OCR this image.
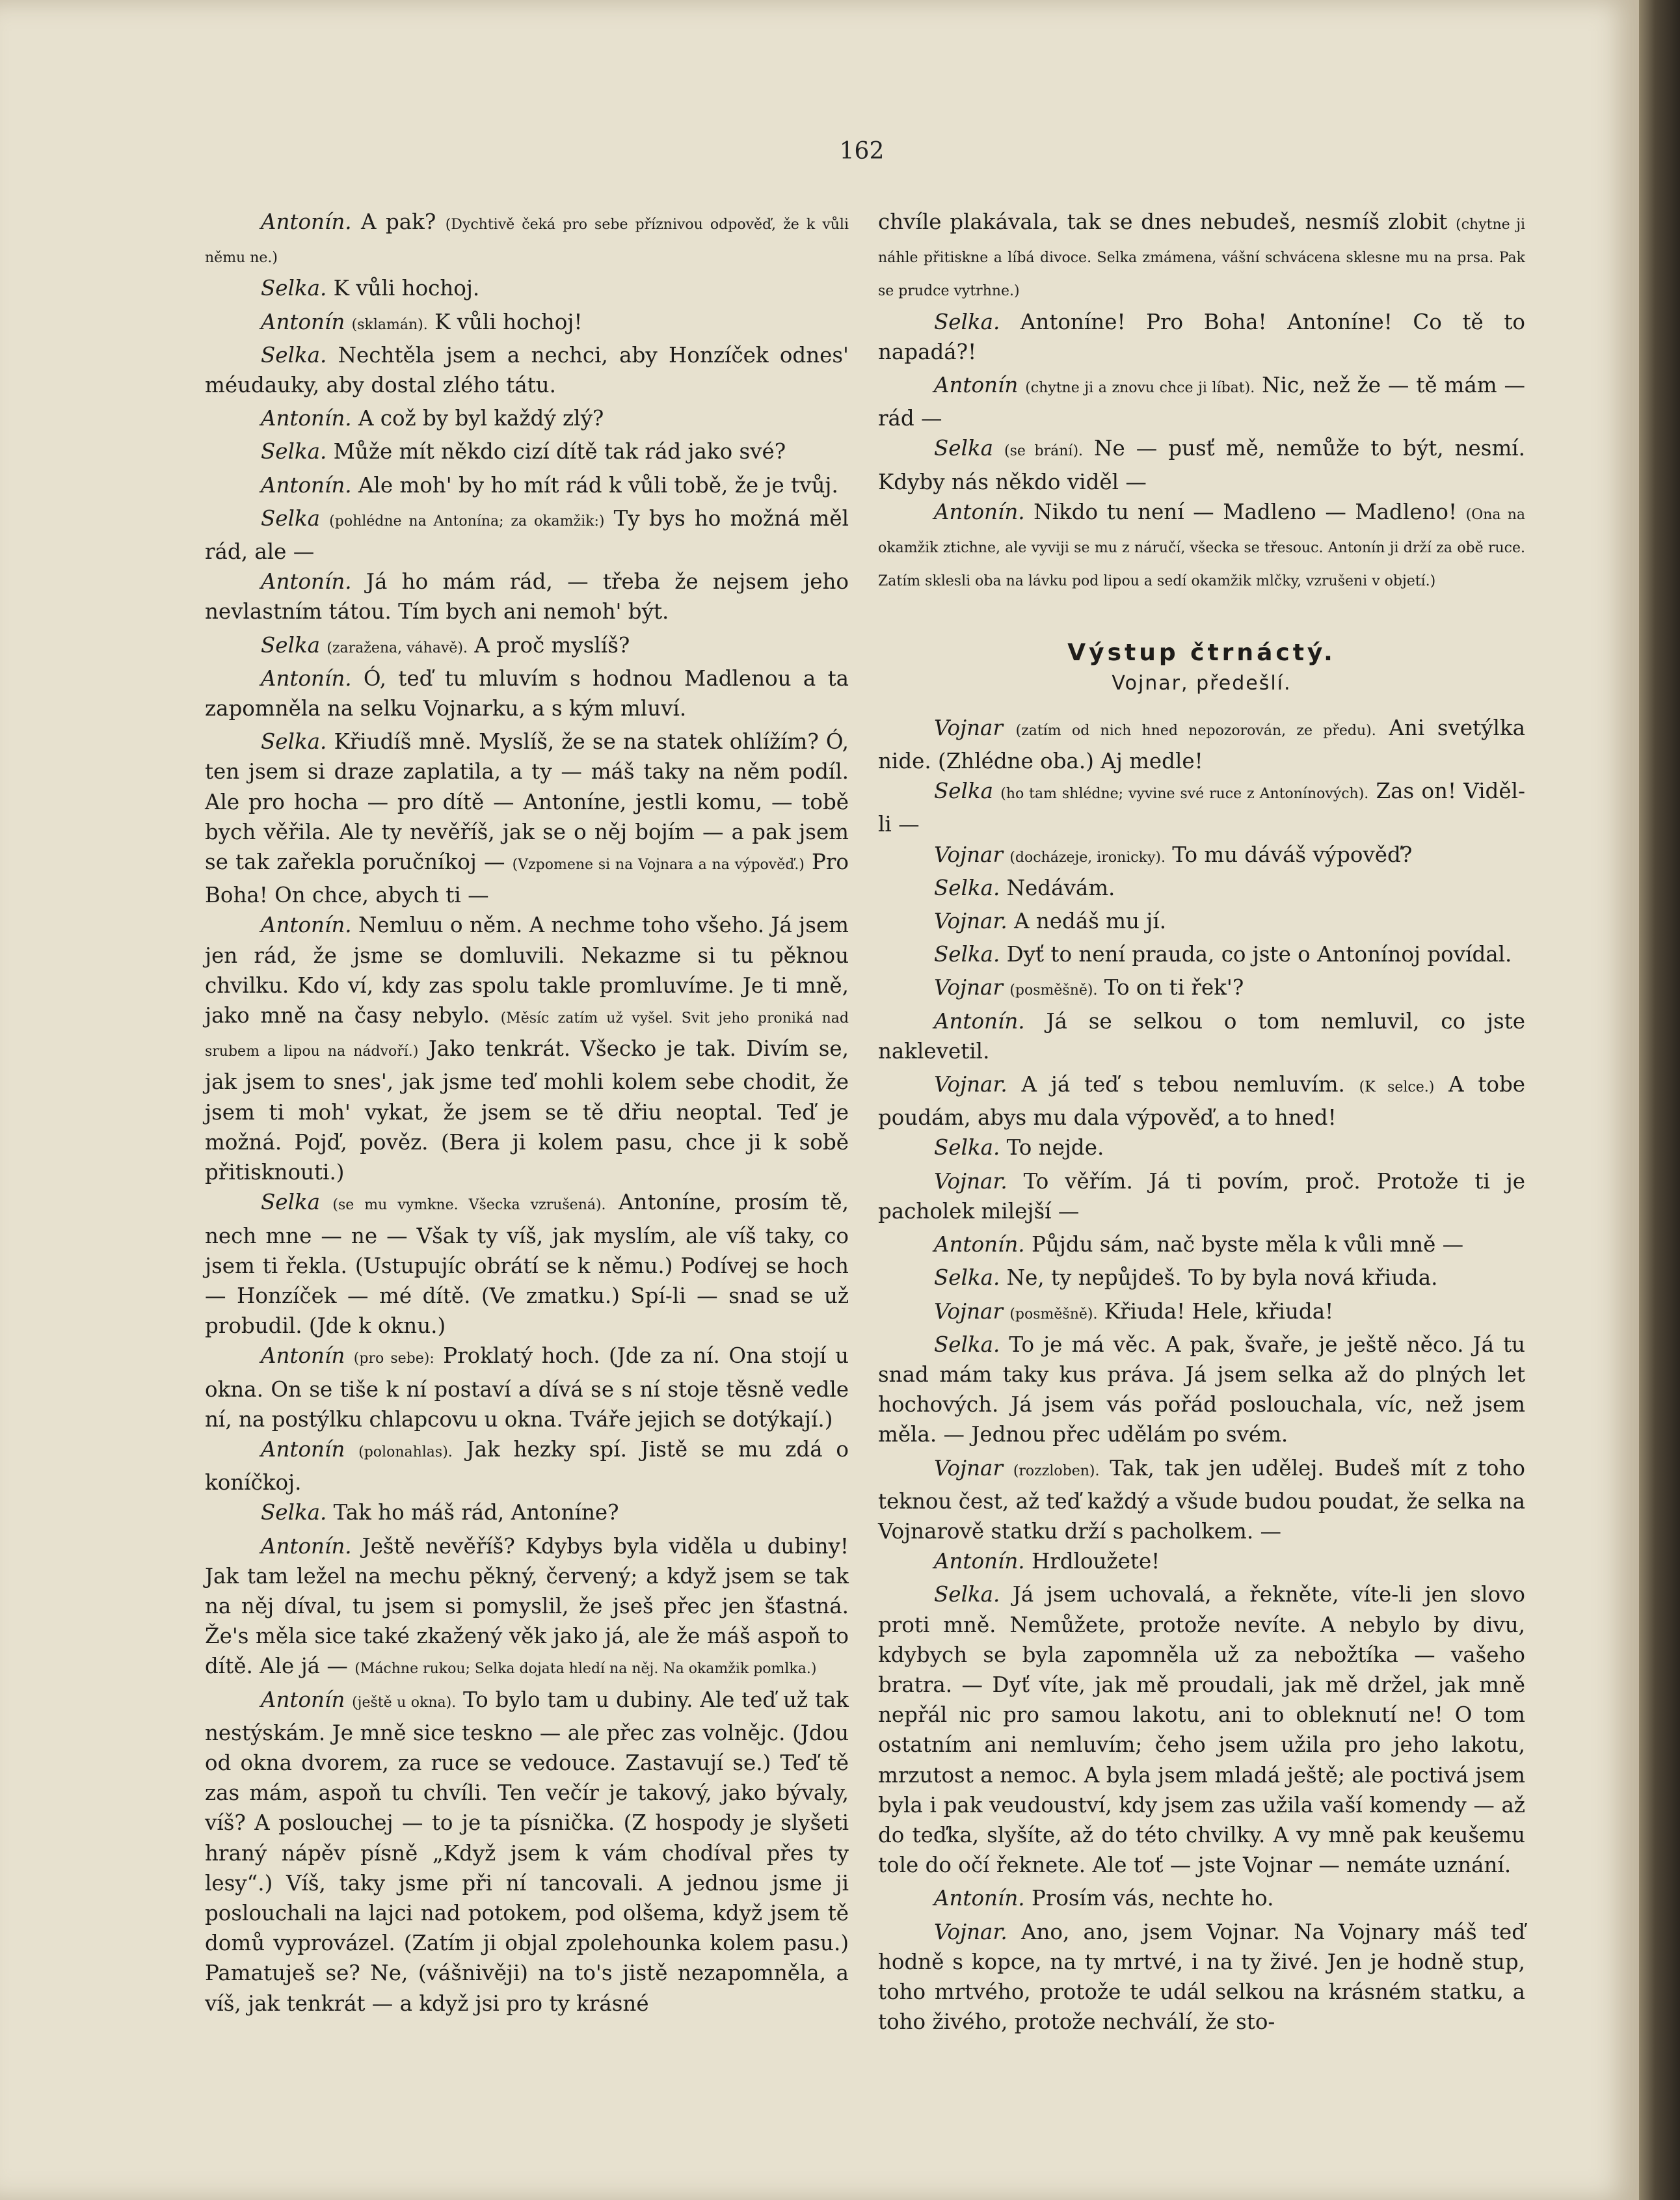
162

Antonín. A pak? (Dychtivě čeká pro sebe příznivou odpověď, že k vůli němu ne.)

Selka. K vůli hochoj.

Antonín (sklamán). K vůli hochoj!

Selka. Nechtěla jsem a nechci, aby Honzíček odnes' méudauky, aby dostal zlého tátu.

Antonín. A což by byl každý zlý?

Selka. Může mít někdo cizí dítě tak rád jako své?

Antonín. Ale moh' by ho mít rád k vůli tobě, že je tvůj.

Selka (pohlédne na Antonína; za okamžik:) Ty bys ho možná měl rád, ale —

Antonín. Já ho mám rád, — třeba že nejsem jeho nevlastním tátou. Tím bych ani nemoh' být.

Selka (zaražena, váhavě). A proč myslíš?

Antonín. Ó, teď tu mluvím s hodnou Madlenou a ta zapomněla na selku Vojnarku, a s kým mluví.

Selka. Křiudíš mně. Myslíš, že se na statek ohlížím? Ó, ten jsem si draze zaplatila, a ty — máš taky na něm podíl. Ale pro hocha — pro dítě — Antoníne, jestli komu, — tobě bych věřila. Ale ty nevěříš, jak se o něj bojím — a pak jsem se tak zařekla poručníkoj — (Vzpomene si na Vojnara a na výpověď.) Pro Boha! On chce, abych ti —

Antonín. Nemluu o něm. A nechme toho všeho. Já jsem jen rád, že jsme se domluvili. Nekazme si tu pěknou chvilku. Kdo ví, kdy zas spolu takle promluvíme. Je ti mně, jako mně na časy nebylo. (Měsíc zatím už vyšel. Svit jeho proniká nad srubem a lipou na nádvoří.) Jako tenkrát. Všecko je tak. Divím se, jak jsem to snes', jak jsme teď mohli kolem sebe chodit, že jsem ti moh' vykat, že jsem se tě dřiu neoptal. Teď je možná. Pojď, pověz. (Bera ji kolem pasu, chce ji k sobě přitisknouti.)

Selka (se mu vymkne. Všecka vzrušená). Antoníne, prosím tě, nech mne — ne — Však ty víš, jak myslím, ale víš taky, co jsem ti řekla. (Ustupujíc obrátí se k němu.) Podívej se hoch — Honzíček — mé dítě. (Ve zmatku.) Spí-li — snad se už probudil. (Jde k oknu.)

Antonín (pro sebe): Proklatý hoch. (Jde za ní. Ona stojí u okna. On se tiše k ní postaví a dívá se s ní stoje těsně vedle ní, na postýlku chlapcovu u okna. Tváře jejich se dotýkají.)

Antonín (polonahlas). Jak hezky spí. Jistě se mu zdá o koníčkoj.

Selka. Tak ho máš rád, Antoníne?

Antonín. Ještě nevěříš? Kdybys byla viděla u dubiny! Jak tam ležel na mechu pěkný, červený; a když jsem se tak na něj díval, tu jsem si pomyslil, že jseš přec jen šťastná. Že's měla sice také zkažený věk jako já, ale že máš aspoň to dítě. Ale já — (Máchne rukou; Selka dojata hledí na něj. Na okamžik pomlka.)

Antonín (ještě u okna). To bylo tam u dubiny. Ale teď už tak nestýskám. Je mně sice teskno — ale přec zas volnějc. (Jdou od okna dvorem, za ruce se vedouce. Zastavují se.) Teď tě zas mám, aspoň tu chvíli. Ten večír je takový, jako bývaly, víš? A poslouchej — to je ta písnička. (Z hospody je slyšeti hraný nápěv písně „Když jsem k vám chodíval přes ty lesy“.) Víš, taky jsme při ní tancovali. A jednou jsme ji poslouchali na lajci nad potokem, pod olšema, když jsem tě domů vyprovázel. (Zatím ji objal zpolehounka kolem pasu.) Pamatuješ se? Ne, (vášnivěji) na to's jistě nezapomněla, a víš, jak tenkrát — a když jsi pro ty krásné

chvíle plakávala, tak se dnes nebudeš, nesmíš zlobit (chytne ji náhle přitiskne a líbá divoce. Selka zmámena, vášní schvácena sklesne mu na prsa. Pak se prudce vytrhne.)

Selka. Antoníne! Pro Boha! Antoníne! Co tě to napadá?!

Antonín (chytne ji a znovu chce ji líbat). Nic, než že — tě mám — rád —

Selka (se brání). Ne — pusť mě, nemůže to být, nesmí. Kdyby nás někdo viděl —

Antonín. Nikdo tu není — Madleno — Madleno! (Ona na okamžik ztichne, ale vyviji se mu z náručí, všecka se třesouc. Antonín ji drží za obě ruce. Zatím sklesli oba na lávku pod lipou a sedí okamžik mlčky, vzrušeni v objetí.)

Výstup čtrnáctý.

Vojnar, předešlí.

Vojnar (zatím od nich hned nepozorován, ze předu). Ani svetýlka nide. (Zhlédne oba.) Aj medle!

Selka (ho tam shlédne; vyvine své ruce z Antonínových). Zas on! Viděl-li —

Vojnar (docházeje, ironicky). To mu dáváš výpověď?

Selka. Nedávám.

Vojnar. A nedáš mu jí.

Selka. Dyť to není prauda, co jste o Antonínoj povídal.

Vojnar (posměšně). To on ti řek'?

Antonín. Já se selkou o tom nemluvil, co jste naklevetil.

Vojnar. A já teď s tebou nemluvím. (K selce.) A tobe poudám, abys mu dala výpověď, a to hned!

Selka. To nejde.

Vojnar. To věřím. Já ti povím, proč. Protože ti je pacholek milejší —

Antonín. Půjdu sám, nač byste měla k vůli mně —

Selka. Ne, ty nepůjdeš. To by byla nová křiuda.

Vojnar (posměšně). Křiuda! Hele, křiuda!

Selka. To je má věc. A pak, švaře, je ještě něco. Já tu snad mám taky kus práva. Já jsem selka až do plných let hochových. Já jsem vás pořád poslouchala, víc, než jsem měla. — Jednou přec udělám po svém.

Vojnar (rozzloben). Tak, tak jen udělej. Budeš mít z toho teknou čest, až teď každý a všude budou poudat, že selka na Vojnarově statku drží s pacholkem. —

Antonín. Hrdloužete!

Selka. Já jsem uchovalá, a řekněte, víte-li jen slovo proti mně. Nemůžete, protože nevíte. A nebylo by divu, kdybych se byla zapomněla už za nebožtíka — vašeho bratra. — Dyť víte, jak mě proudali, jak mě držel, jak mně nepřál nic pro samou lakotu, ani to obleknutí ne! O tom ostatním ani nemluvím; čeho jsem užila pro jeho lakotu, mrzutost a nemoc. A byla jsem mladá ještě; ale poctivá jsem byla i pak veudouství, kdy jsem zas užila vaší komendy — až do teďka, slyšíte, až do této chvilky. A vy mně pak keušemu tole do očí řeknete. Ale toť — jste Vojnar — nemáte uznání.

Antonín. Prosím vás, nechte ho.

Vojnar. Ano, ano, jsem Vojnar. Na Vojnary máš teď hodně s kopce, na ty mrtvé, i na ty živé. Jen je hodně stup, toho mrtvého, protože te udál selkou na krásném statku, a toho živého, protože nechválí, že sto-
